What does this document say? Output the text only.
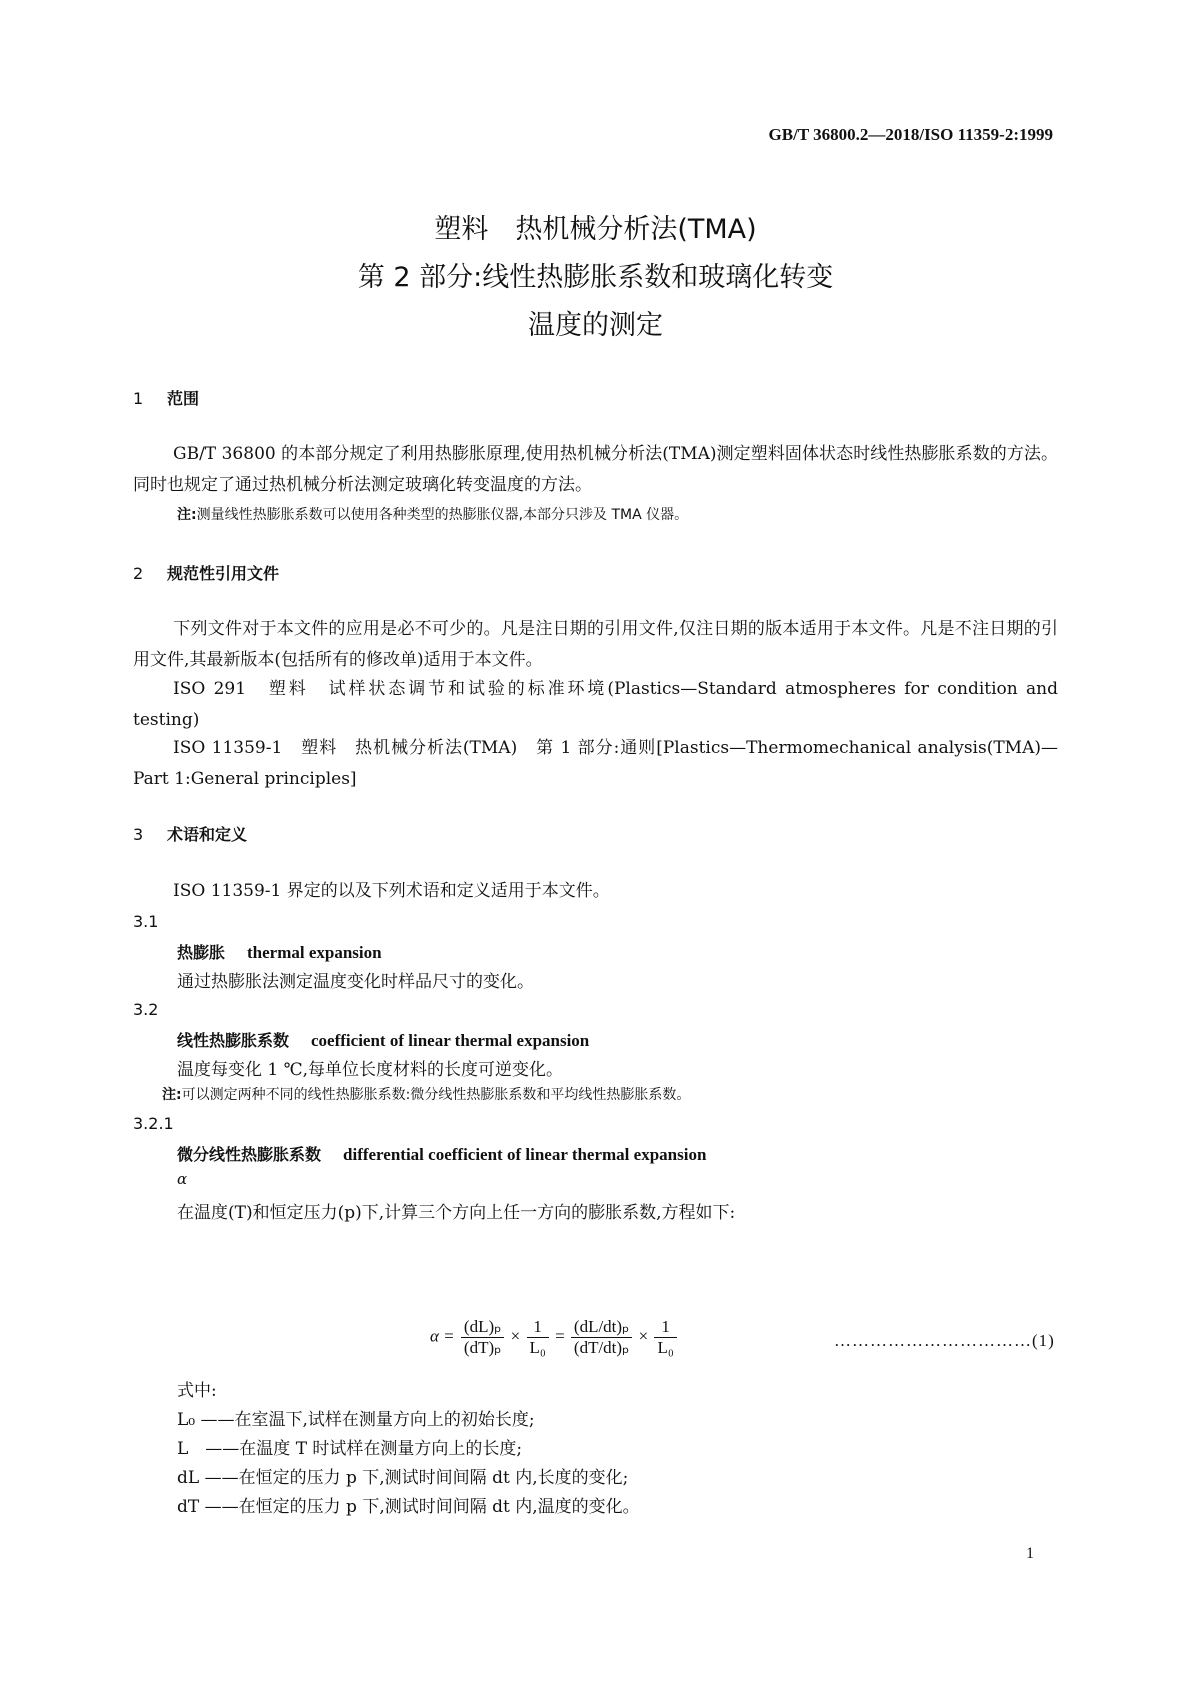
GB/T 36800.2—2018/ISO 11359-2:1999
塑料　热机械分析法(TMA)
第 2 部分:线性热膨胀系数和玻璃化转变
温度的测定
1 范围
GB/T 36800 的本部分规定了利用热膨胀原理,使用热机械分析法(TMA)测定塑料固体状态时线性热膨胀系数的方法。同时也规定了通过热机械分析法测定玻璃化转变温度的方法。
注:测量线性热膨胀系数可以使用各种类型的热膨胀仪器,本部分只涉及 TMA 仪器。
2 规范性引用文件
下列文件对于本文件的应用是必不可少的。凡是注日期的引用文件,仅注日期的版本适用于本文件。凡是不注日期的引用文件,其最新版本(包括所有的修改单)适用于本文件。
ISO 291　塑料　试样状态调节和试验的标准环境(Plastics—Standard atmospheres for condition and testing)
ISO 11359-1　塑料　热机械分析法(TMA)　第 1 部分:通则[Plastics—Thermomechanical analysis(TMA)—Part 1:General principles]
3 术语和定义
ISO 11359-1 界定的以及下列术语和定义适用于本文件。
3.1
热膨胀 thermal expansion
通过热膨胀法测定温度变化时样品尺寸的变化。
3.2
线性热膨胀系数 coefficient of linear thermal expansion
温度每变化 1 ℃,每单位长度材料的长度可逆变化。
注:可以测定两种不同的线性热膨胀系数:微分线性热膨胀系数和平均线性热膨胀系数。
3.2.1
微分线性热膨胀系数 differential coefficient of linear thermal expansion
α
在温度(T)和恒定压力(p)下,计算三个方向上任一方向的膨胀系数,方程如下:
$\alpha = \frac{\text{(dL)ₚ}}{\text{(dT)ₚ}} \times \frac{1}{\text{L₀}} = \frac{\text{(dL/dt)ₚ}}{\text{(dT/dt)ₚ}} \times \frac{1}{\text{L₀}}$	……………………………(1)
式中:
L₀ ——在室温下,试样在测量方向上的初始长度;
L　——在温度 T 时试样在测量方向上的长度;
dL ——在恒定的压力 p 下,测试时间间隔 dt 内,长度的变化;
dT ——在恒定的压力 p 下,测试时间间隔 dt 内,温度的变化。
1
